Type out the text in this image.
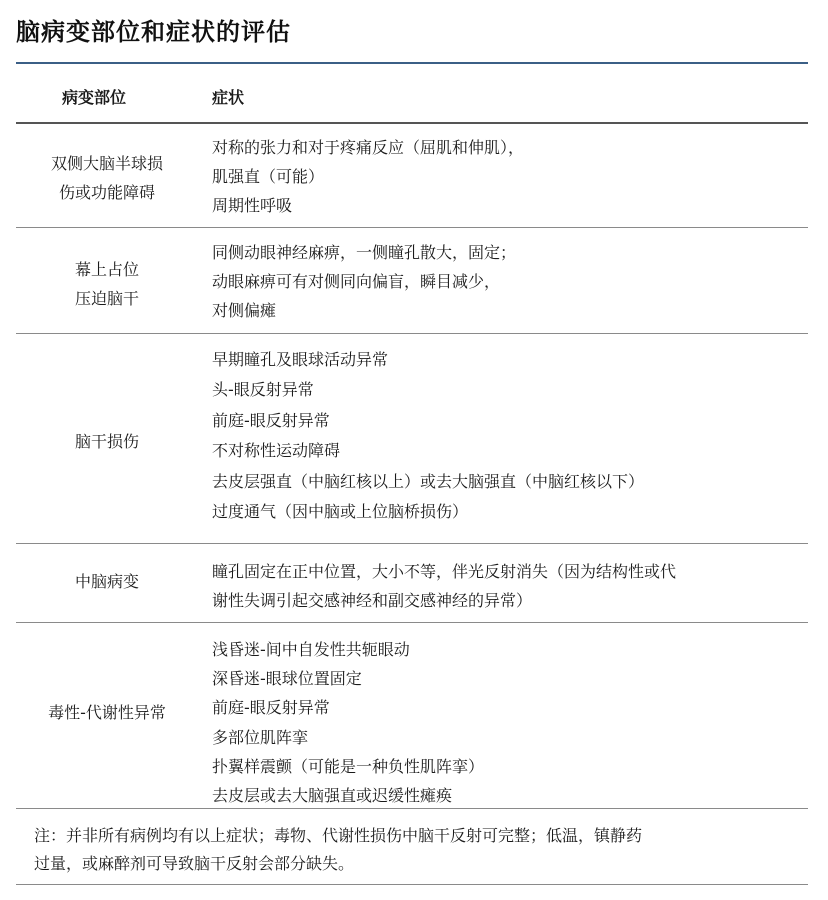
脑病变部位和症状的评估
病变部位	症状
双侧大脑半球损
伤或功能障碍
对称的张力和对于疼痛反应（屈肌和伸肌），
肌强直（可能）
周期性呼吸
幕上占位
压迫脑干
同侧动眼神经麻痹，一侧瞳孔散大，固定；
动眼麻痹可有对侧同向偏盲，瞬目减少，
对侧偏瘫
脑干损伤
早期瞳孔及眼球活动异常
头-眼反射异常
前庭-眼反射异常
不对称性运动障碍
去皮层强直（中脑红核以上）或去大脑强直（中脑红核以下）
过度通气（因中脑或上位脑桥损伤）
中脑病变	瞳孔固定在正中位置，大小不等，伴光反射消失（因为结构性或代
谢性失调引起交感神经和副交感神经的异常）
毒性-代谢性异常
浅昏迷-间中自发性共轭眼动
深昏迷-眼球位置固定
前庭-眼反射异常
多部位肌阵挛
扑翼样震颤（可能是一种负性肌阵挛）
去皮层或去大脑强直或迟缓性瘫痪
注：并非所有病例均有以上症状；毒物、代谢性损伤中脑干反射可完整；低温，镇静药
过量，或麻醉剂可导致脑干反射会部分缺失。
